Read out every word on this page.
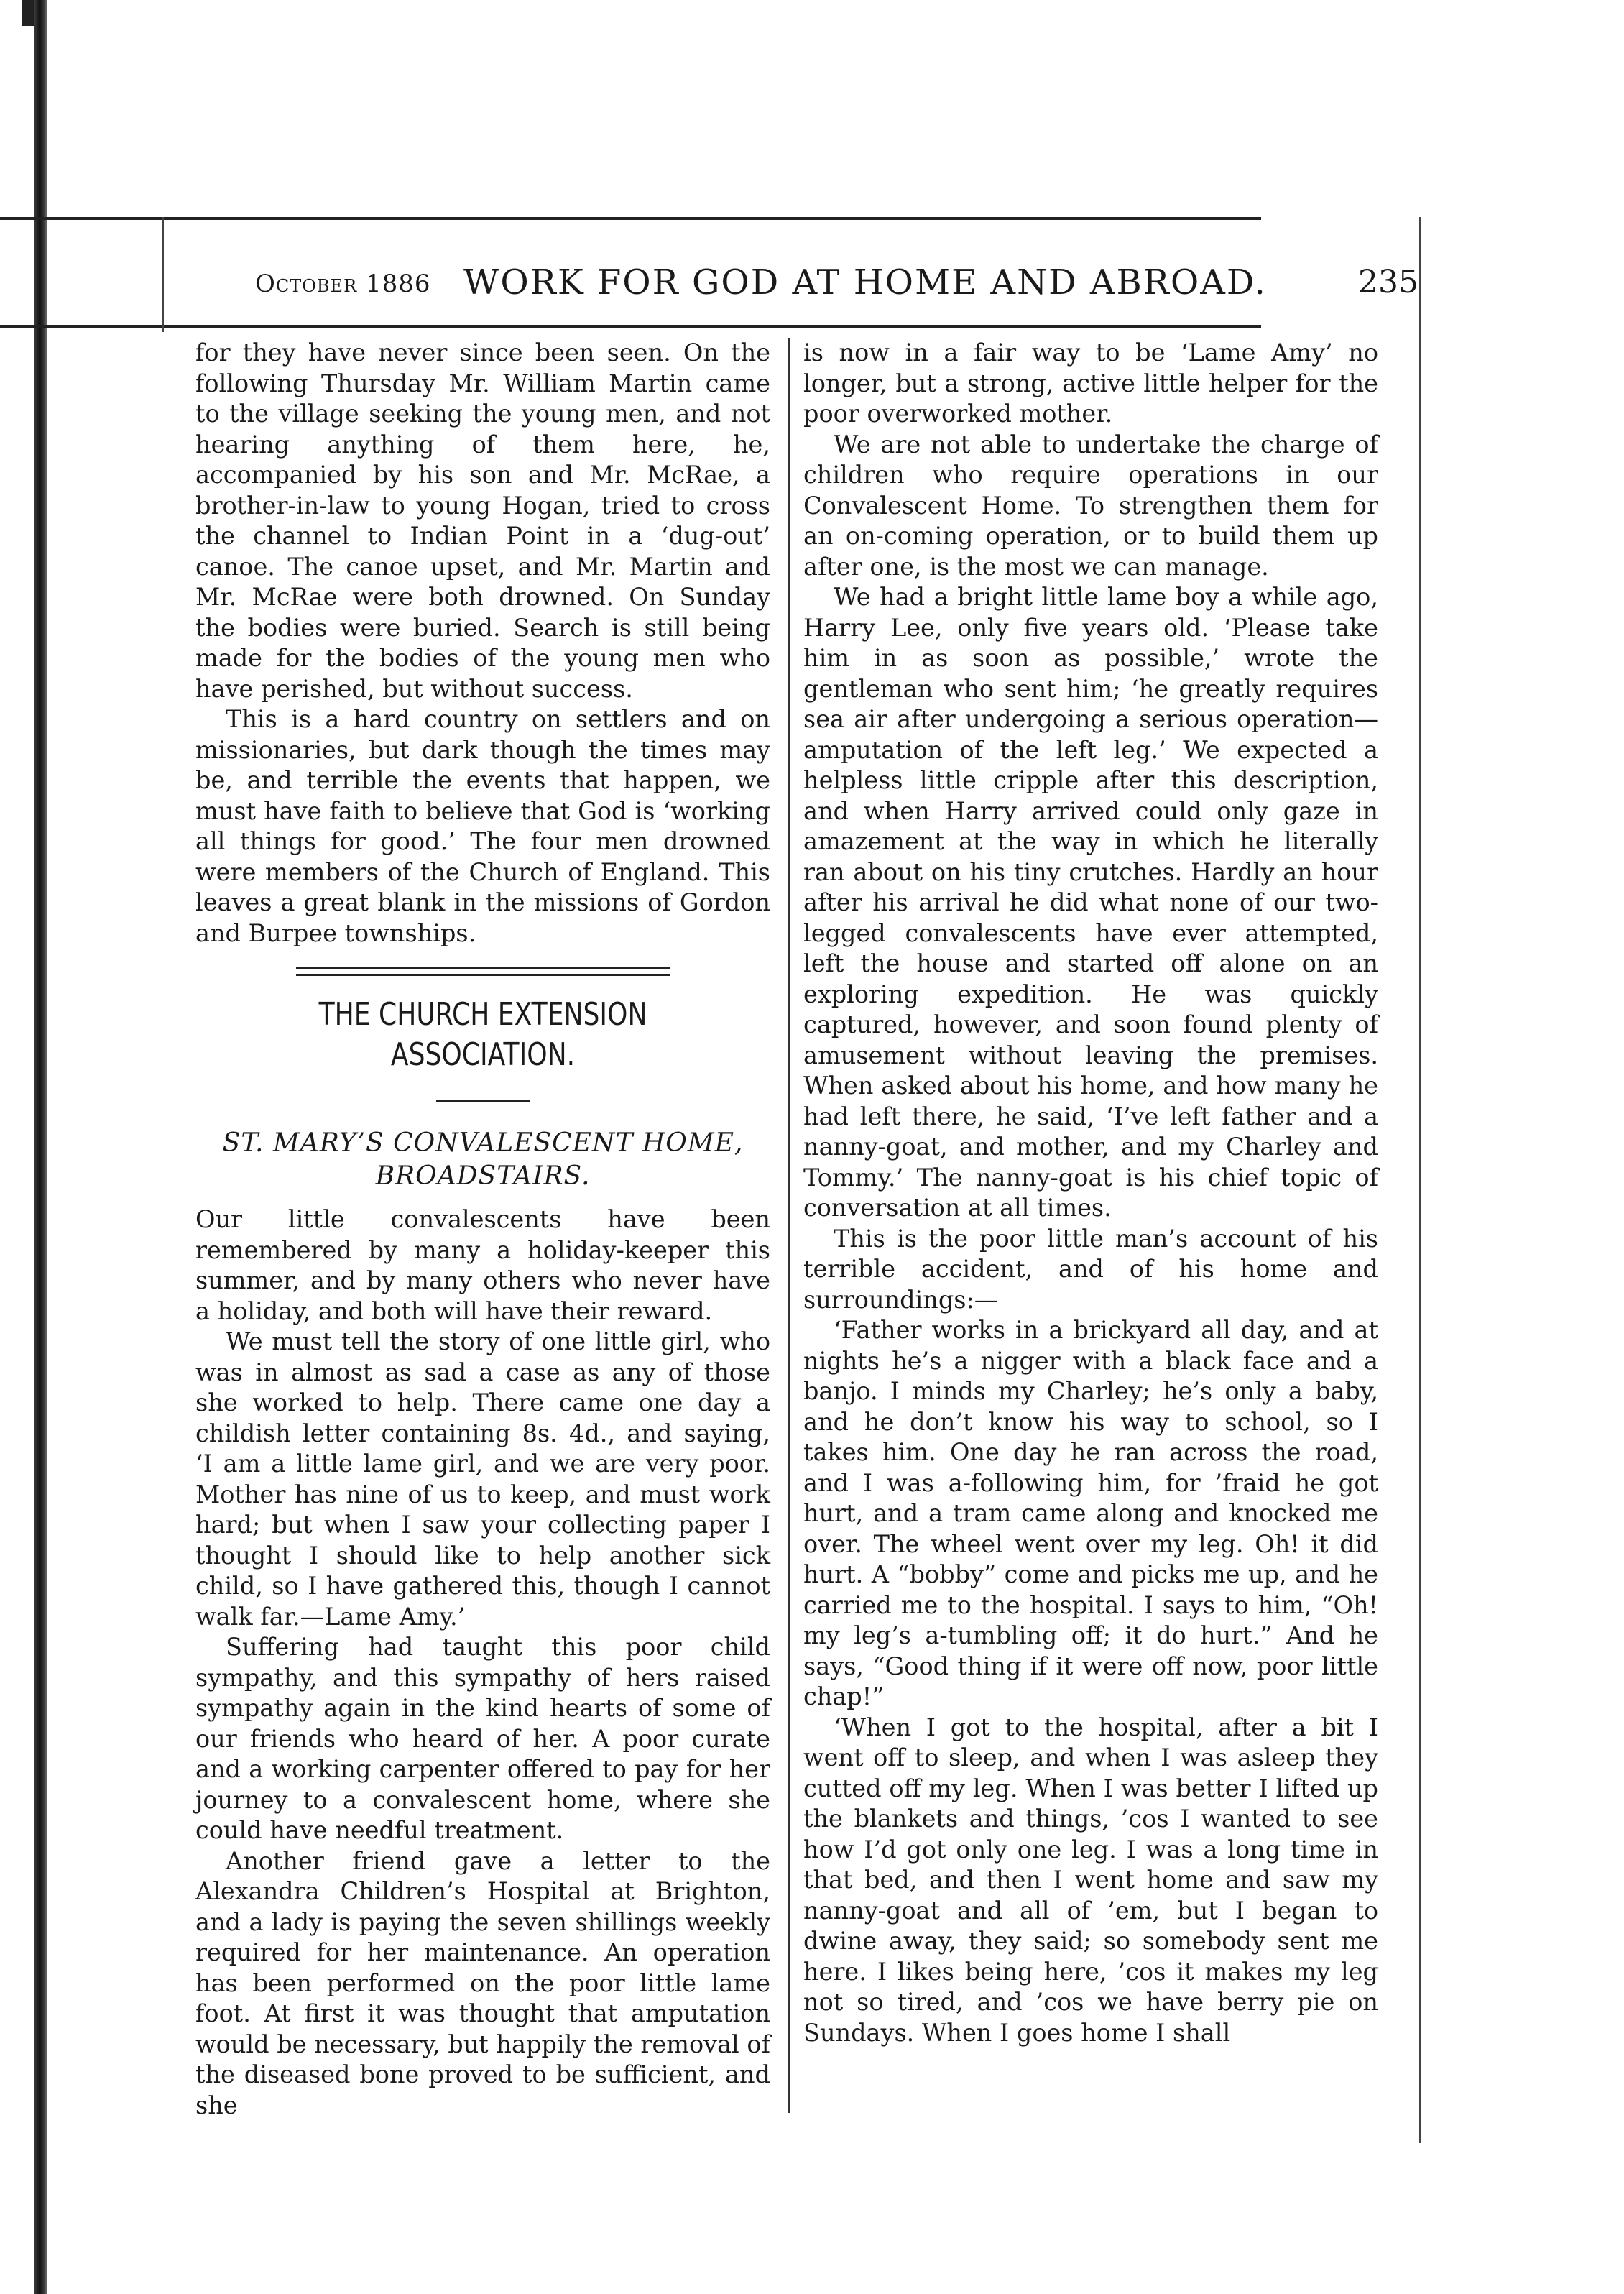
October 1886 WORK FOR GOD AT HOME AND ABROAD.	235

for they have never since been seen. On the following Thursday Mr. William Martin came to the village seeking the young men, and not hearing anything of them here, he, accompanied by his son and Mr. McRae, a brother-in-law to young Hogan, tried to cross the channel to Indian Point in a ‘dug-out’ canoe. The canoe upset, and Mr. Martin and Mr. McRae were both drowned. On Sunday the bodies were buried. Search is still being made for the bodies of the young men who have perished, but without success.

This is a hard country on settlers and on missionaries, but dark though the times may be, and terrible the events that happen, we must have faith to believe that God is ‘working all things for good.’ The four men drowned were members of the Church of England. This leaves a great blank in the missions of Gordon and Burpee townships.

THE CHURCH EXTENSION ASSOCIATION.
ST. MARY’S CONVALESCENT HOME,
BROADSTAIRS.

Our little convalescents have been remembered by many a holiday-keeper this summer, and by many others who never have a holiday, and both will have their reward.

We must tell the story of one little girl, who was in almost as sad a case as any of those she worked to help. There came one day a childish letter containing 8s. 4d., and saying, ‘I am a little lame girl, and we are very poor. Mother has nine of us to keep, and must work hard; but when I saw your collecting paper I thought I should like to help another sick child, so I have gathered this, though I cannot walk far.—Lame Amy.’

Suffering had taught this poor child sympathy, and this sympathy of hers raised sympathy again in the kind hearts of some of our friends who heard of her. A poor curate and a working carpenter offered to pay for her journey to a convalescent home, where she could have needful treatment.

Another friend gave a letter to the Alexandra Children’s Hospital at Brighton, and a lady is paying the seven shillings weekly required for her maintenance. An operation has been performed on the poor little lame foot. At first it was thought that amputation would be necessary, but happily the removal of the diseased bone proved to be sufficient, and she

is now in a fair way to be ‘Lame Amy’ no longer, but a strong, active little helper for the poor overworked mother.

We are not able to undertake the charge of children who require operations in our Convalescent Home. To strengthen them for an on-coming operation, or to build them up after one, is the most we can manage.

We had a bright little lame boy a while ago, Harry Lee, only five years old. ‘Please take him in as soon as possible,’ wrote the gentleman who sent him; ‘he greatly requires sea air after undergoing a serious operation—amputation of the left leg.’ We expected a helpless little cripple after this description, and when Harry arrived could only gaze in amazement at the way in which he literally ran about on his tiny crutches. Hardly an hour after his arrival he did what none of our two-legged convalescents have ever attempted, left the house and started off alone on an exploring expedition. He was quickly captured, however, and soon found plenty of amusement without leaving the premises. When asked about his home, and how many he had left there, he said, ‘I’ve left father and a nanny-goat, and mother, and my Charley and Tommy.’ The nanny-goat is his chief topic of conversation at all times.

This is the poor little man’s account of his terrible accident, and of his home and surroundings:—

‘Father works in a brickyard all day, and at nights he’s a nigger with a black face and a banjo. I minds my Charley; he’s only a baby, and he don’t know his way to school, so I takes him. One day he ran across the road, and I was a-following him, for ’fraid he got hurt, and a tram came along and knocked me over. The wheel went over my leg. Oh! it did hurt. A “bobby” come and picks me up, and he carried me to the hospital. I says to him, “Oh! my leg’s a-tumbling off; it do hurt.” And he says, “Good thing if it were off now, poor little chap!”

‘When I got to the hospital, after a bit I went off to sleep, and when I was asleep they cutted off my leg. When I was better I lifted up the blankets and things, ’cos I wanted to see how I’d got only one leg. I was a long time in that bed, and then I went home and saw my nanny-goat and all of ’em, but I began to dwine away, they said; so somebody sent me here. I likes being here, ’cos it makes my leg not so tired, and ’cos we have berry pie on Sundays. When I goes home I shall
